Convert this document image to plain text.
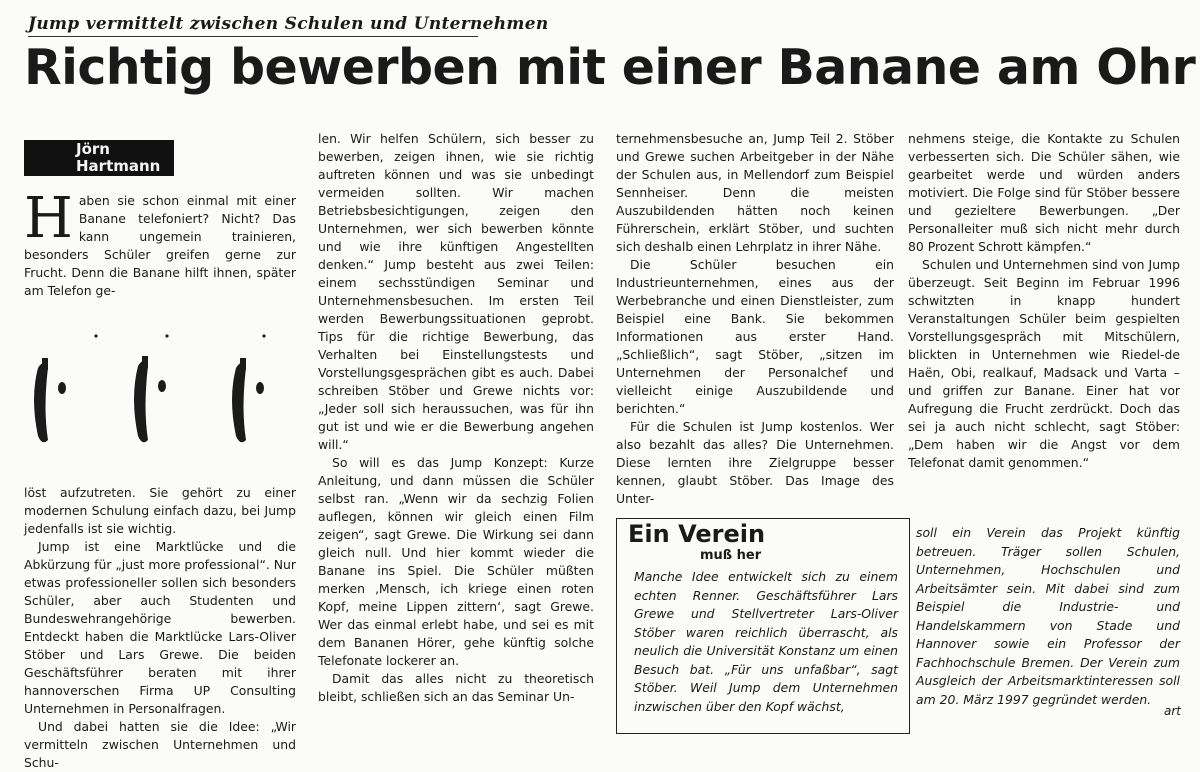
Jump vermittelt zwischen Schulen und Unternehmen
Richtig bewerben mit einer Banane am Ohr
Jörn
Hartmann

Haben sie schon einmal mit einer Banane telefoniert? Nicht? Das kann ungemein trainieren, besonders Schüler greifen gerne zur Frucht. Denn die Banane hilft ihnen, später am Telefon ge-

löst aufzutreten. Sie gehört zu einer modernen Schulung einfach dazu, bei Jump jedenfalls ist sie wichtig.

Jump ist eine Marktlücke und die Abkürzung für „just more professional“. Nur etwas professioneller sollen sich besonders Schüler, aber auch Studenten und Bundeswehrangehörige bewerben. Entdeckt haben die Marktlücke Lars-Oliver Stöber und Lars Grewe. Die beiden Geschäftsführer beraten mit ihrer hannoverschen Firma UP Consulting Unternehmen in Personalfragen.

Und dabei hatten sie die Idee: „Wir vermitteln zwischen Unternehmen und Schu-

len. Wir helfen Schülern, sich besser zu bewerben, zeigen ihnen, wie sie richtig auftreten können und was sie unbedingt vermeiden sollten. Wir machen Betriebsbesichtigungen, zeigen den Unternehmen, wer sich bewerben könnte und wie ihre künftigen Angestellten denken.“ Jump besteht aus zwei Teilen: einem sechsstündigen Seminar und Unternehmensbesuchen. Im ersten Teil werden Bewerbungssituationen geprobt. Tips für die richtige Bewerbung, das Verhalten bei Einstellungstests und Vorstellungsgesprächen gibt es auch. Dabei schreiben Stöber und Grewe nichts vor: „Jeder soll sich heraussuchen, was für ihn gut ist und wie er die Bewerbung angehen will.“

So will es das Jump Konzept: Kurze Anleitung, und dann müssen die Schüler selbst ran. „Wenn wir da sechzig Folien auflegen, können wir gleich einen Film zeigen“, sagt Grewe. Die Wirkung sei dann gleich null. Und hier kommt wieder die Banane ins Spiel. Die Schüler müßten merken ‚Mensch, ich kriege einen roten Kopf, meine Lippen zittern‘, sagt Grewe. Wer das einmal erlebt habe, und sei es mit dem Bananen Hörer, gehe künftig solche Telefonate lockerer an.

Damit das alles nicht zu theoretisch bleibt, schließen sich an das Seminar Un-

ternehmensbesuche an, Jump Teil 2. Stöber und Grewe suchen Arbeitgeber in der Nähe der Schulen aus, in Mellendorf zum Beispiel Sennheiser. Denn die meisten Auszubildenden hätten noch keinen Führerschein, erklärt Stöber, und suchten sich deshalb einen Lehrplatz in ihrer Nähe.

Die Schüler besuchen ein Industrieunternehmen, eines aus der Werbebranche und einen Dienstleister, zum Beispiel eine Bank. Sie bekommen Informationen aus erster Hand. „Schließlich“, sagt Stöber, „sitzen im Unternehmen der Personalchef und vielleicht einige Auszubildende und berichten.“

Für die Schulen ist Jump kostenlos. Wer also bezahlt das alles? Die Unternehmen. Diese lernten ihre Zielgruppe besser kennen, glaubt Stöber. Das Image des Unter-

nehmens steige, die Kontakte zu Schulen verbesserten sich. Die Schüler sähen, wie gearbeitet werde und würden anders motiviert. Die Folge sind für Stöber bessere und gezieltere Bewerbungen. „Der Personalleiter muß sich nicht mehr durch 80 Prozent Schrott kämpfen.“

Schulen und Unternehmen sind von Jump überzeugt. Seit Beginn im Februar 1996 schwitzten in knapp hundert Veranstaltungen Schüler beim gespielten Vorstellungsgespräch mit Mitschülern, blickten in Unternehmen wie Riedel-de Haën, Obi, realkauf, Madsack und Varta – und griffen zur Banane. Einer hat vor Aufregung die Frucht zerdrückt. Doch das sei ja auch nicht schlecht, sagt Stöber: „Dem haben wir die Angst vor dem Telefonat damit genommen.“

Ein Verein
muß her

Manche Idee entwickelt sich zu einem echten Renner. Geschäftsführer Lars Grewe und Stellvertreter Lars-Oliver Stöber waren reichlich überrascht, als neulich die Universität Konstanz um einen Besuch bat. „Für uns unfaßbar“, sagt Stöber. Weil Jump dem Unternehmen inzwischen über den Kopf wächst,

soll ein Verein das Projekt künftig betreuen. Träger sollen Schulen, Unternehmen, Hochschulen und Arbeitsämter sein. Mit dabei sind zum Beispiel die Industrie- und Handelskammern von Stade und Hannover sowie ein Professor der Fachhochschule Bremen. Der Verein zum Ausgleich der Arbeitsmarktinteressen soll am 20. März 1997 gegründet werden.

art
